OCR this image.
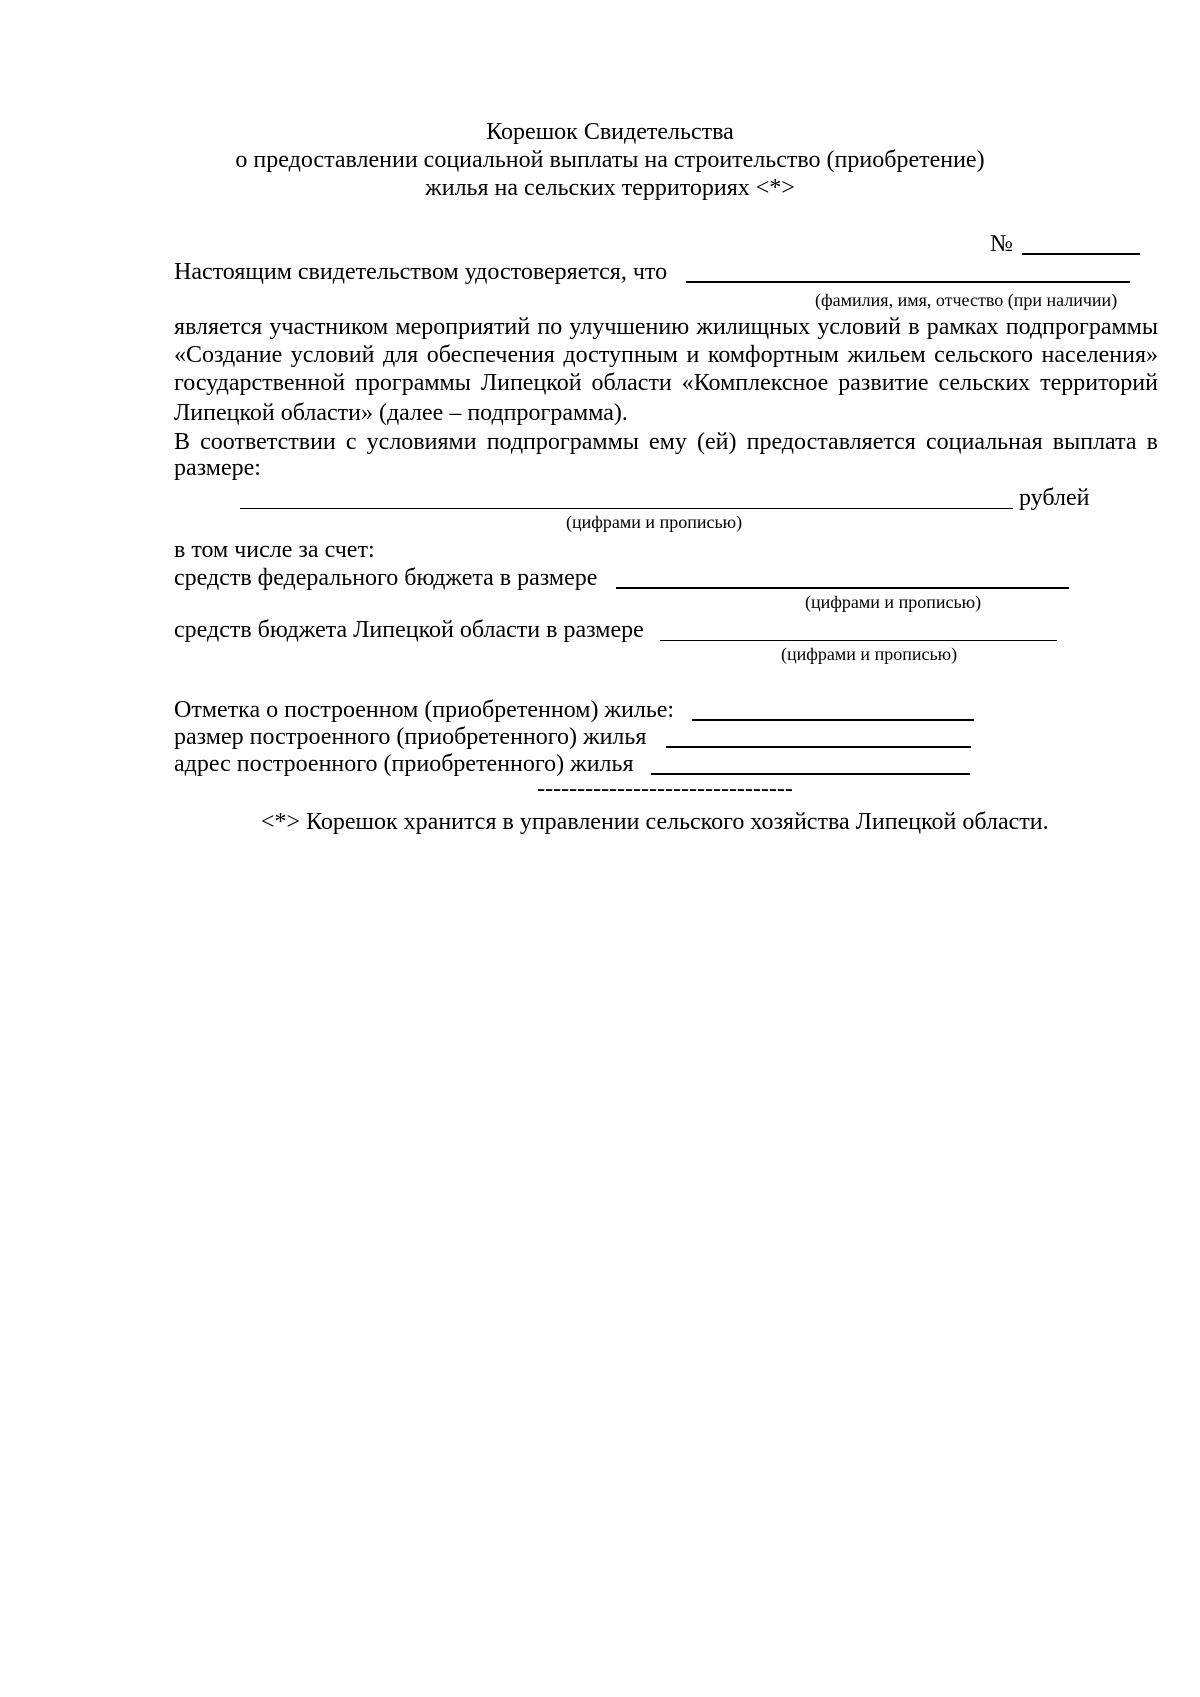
Корешок Свидетельства
о предоставлении социальной выплаты на строительство (приобретение)
жилья на сельских территориях <*>
№
Настоящим свидетельством удостоверяется, что
(фамилия, имя, отчество (при наличии)
является участником мероприятий по улучшению жилищных условий в рамках подпрограммы
«Создание условий для обеспечения доступным и комфортным жильем сельского населения»
государственной программы Липецкой области «Комплексное развитие сельских территорий
Липецкой области» (далее – подпрограмма).
В соответствии с условиями подпрограммы ему (ей) предоставляется социальная выплата в
размере:
рублей
(цифрами и прописью)
в том числе за счет:
средств федерального бюджета в размере
(цифрами и прописью)
средств бюджета Липецкой области в размере
(цифрами и прописью)
Отметка о построенном (приобретенном) жилье:
размер построенного (приобретенного) жилья
адрес построенного (приобретенного) жилья
--------------------------------
<*> Корешок хранится в управлении сельского хозяйства Липецкой области.
